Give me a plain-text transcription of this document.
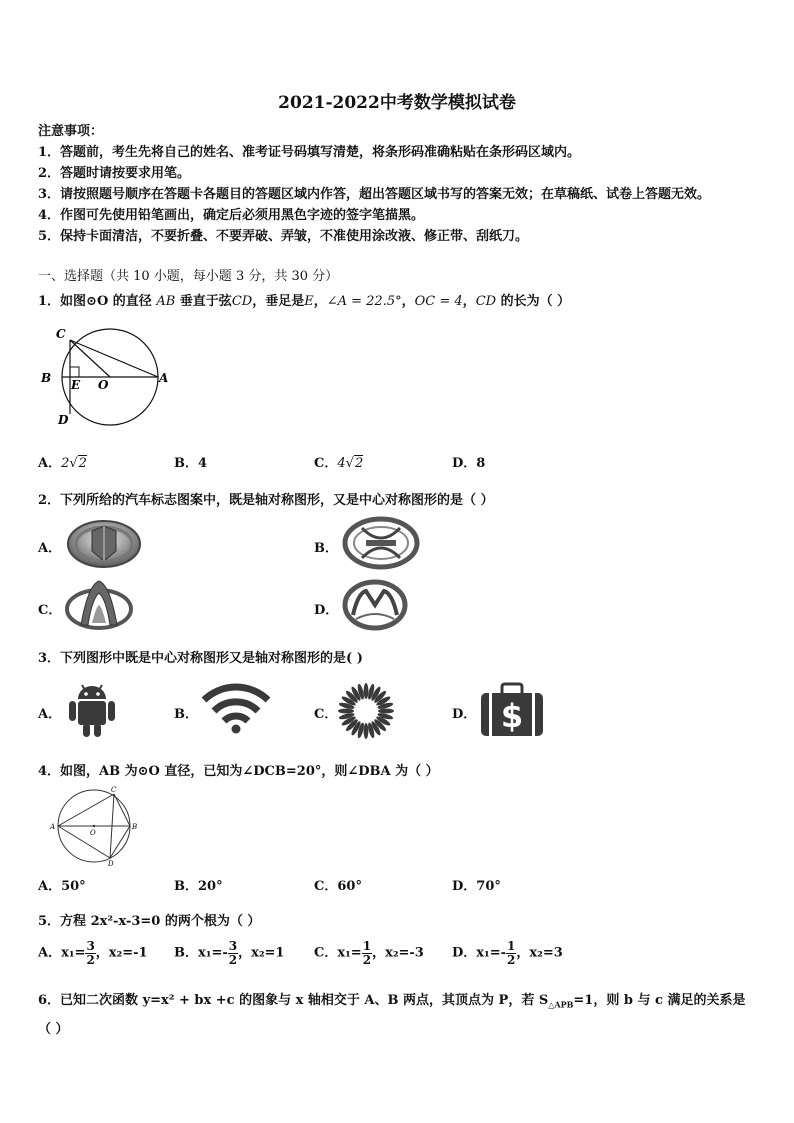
2021-2022中考数学模拟试卷
注意事项：
1．答题前，考生先将自己的姓名、准考证号码填写清楚，将条形码准确粘贴在条形码区域内。
2．答题时请按要求用笔。
3．请按照题号顺序在答题卡各题目的答题区域内作答，超出答题区域书写的答案无效；在草稿纸、试卷上答题无效。
4．作图可先使用铅笔画出，确定后必须用黑色字迹的签字笔描黑。
5．保持卡面清洁，不要折叠、不要弄破、弄皱，不准使用涂改液、修正带、刮纸刀。
一、选择题（共 10 小题，每小题 3 分，共 30 分）
1．如图⊙O 的直径 AB 垂直于弦CD，垂足是E，∠A = 22.5°，OC = 4，CD 的长为（ ）
C
B E O	A
D
A．2√2	B．4	C．4√2	D．8
2．下列所给的汽车标志图案中，既是轴对称图形，又是中心对称图形的是（ ）
A．	B．
C．	D．
3．下列图形中既是中心对称图形又是轴对称图形的是( )
A．	B．	C．	D． $
4．如图，AB 为⊙O 直径，已知为∠DCB=20°，则∠DBA 为（ ）
C
A
O
B
D
A．50°	B．20°	C．60°	D．70°
5．方程 2x²-x-3=0 的两个根为（ ）
A．$x_1= \frac{3}{2}$ ，x₂=-1 B．$x_1=- \frac{3}{2}$ ，x₂=1 C．$x_1= \frac{1}{2}$ ，x₂=-3 D．$x_1=- \frac{1}{2}$ ，x₂=3
6．已知二次函数 y=x² + bx +c 的图象与 x 轴相交于 A、B 两点，其顶点为 P，若 $S_{\triangle APB}=1$，则 b 与 c 满足的关系是
（ ）
